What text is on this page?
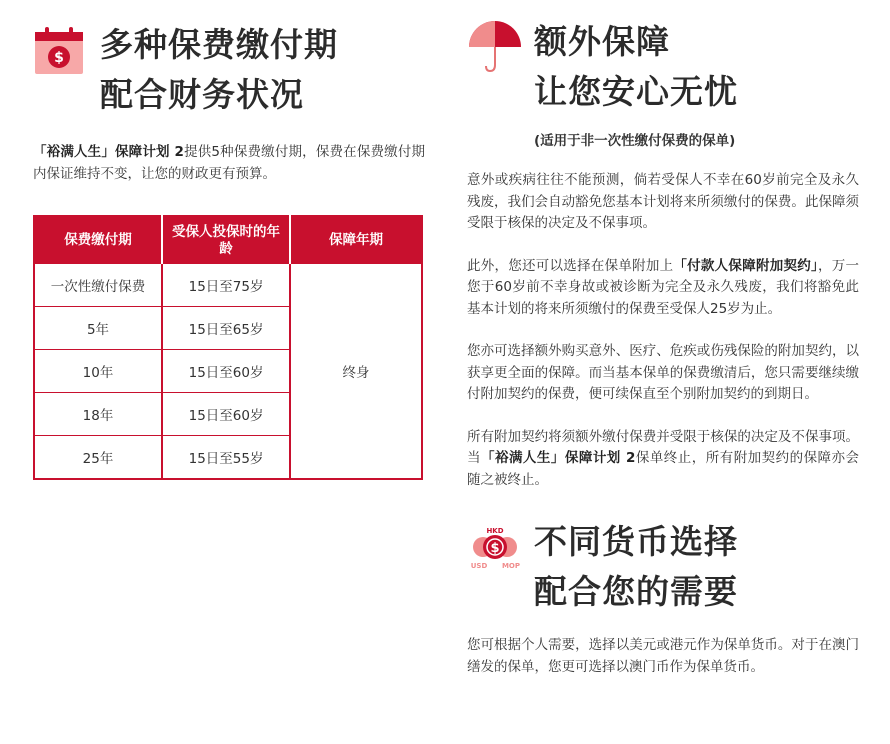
$ 多种保费缴付期
配合财务状况

「裕满人生」保障计划 2提供5种保费缴付期，保费在保费缴付期内保证维持不变，让您的财政更有预算。

保费缴付期	受保人投保时的年龄	保障年期
一次性缴付保费	15日至75岁	终身
5年	15日至65岁	
10年	15日至60岁	
18年	15日至60岁	
25年	15日至55岁	
额外保障
让您安心无忧
(适用于非一次性缴付保费的保单)

意外或疾病往往不能预测，倘若受保人不幸在60岁前完全及永久残废，我们会自动豁免您基本计划将来所须缴付的保费。此保障须受限于核保的决定及不保事项。

此外，您还可以选择在保单附加上「付款人保障附加契约」，万一您于60岁前不幸身故或被诊断为完全及永久残废，我们将豁免此基本计划的将来所须缴付的保费至受保人25岁为止。

您亦可选择额外购买意外、医疗、危疾或伤残保险的附加契约，以获享更全面的保障。而当基本保单的保费缴清后，您只需要继续缴付附加契约的保费，便可续保直至个别附加契约的到期日。

所有附加契约将须额外缴付保费并受限于核保的决定及不保事项。当「裕满人生」保障计划 2保单终止，所有附加契约的保障亦会随之被终止。

$
HKD
USD MOP
不同货币选择
配合您的需要

您可根据个人需要，选择以美元或港元作为保单货币。对于在澳门缮发的保单，您更可选择以澳门币作为保单货币。
